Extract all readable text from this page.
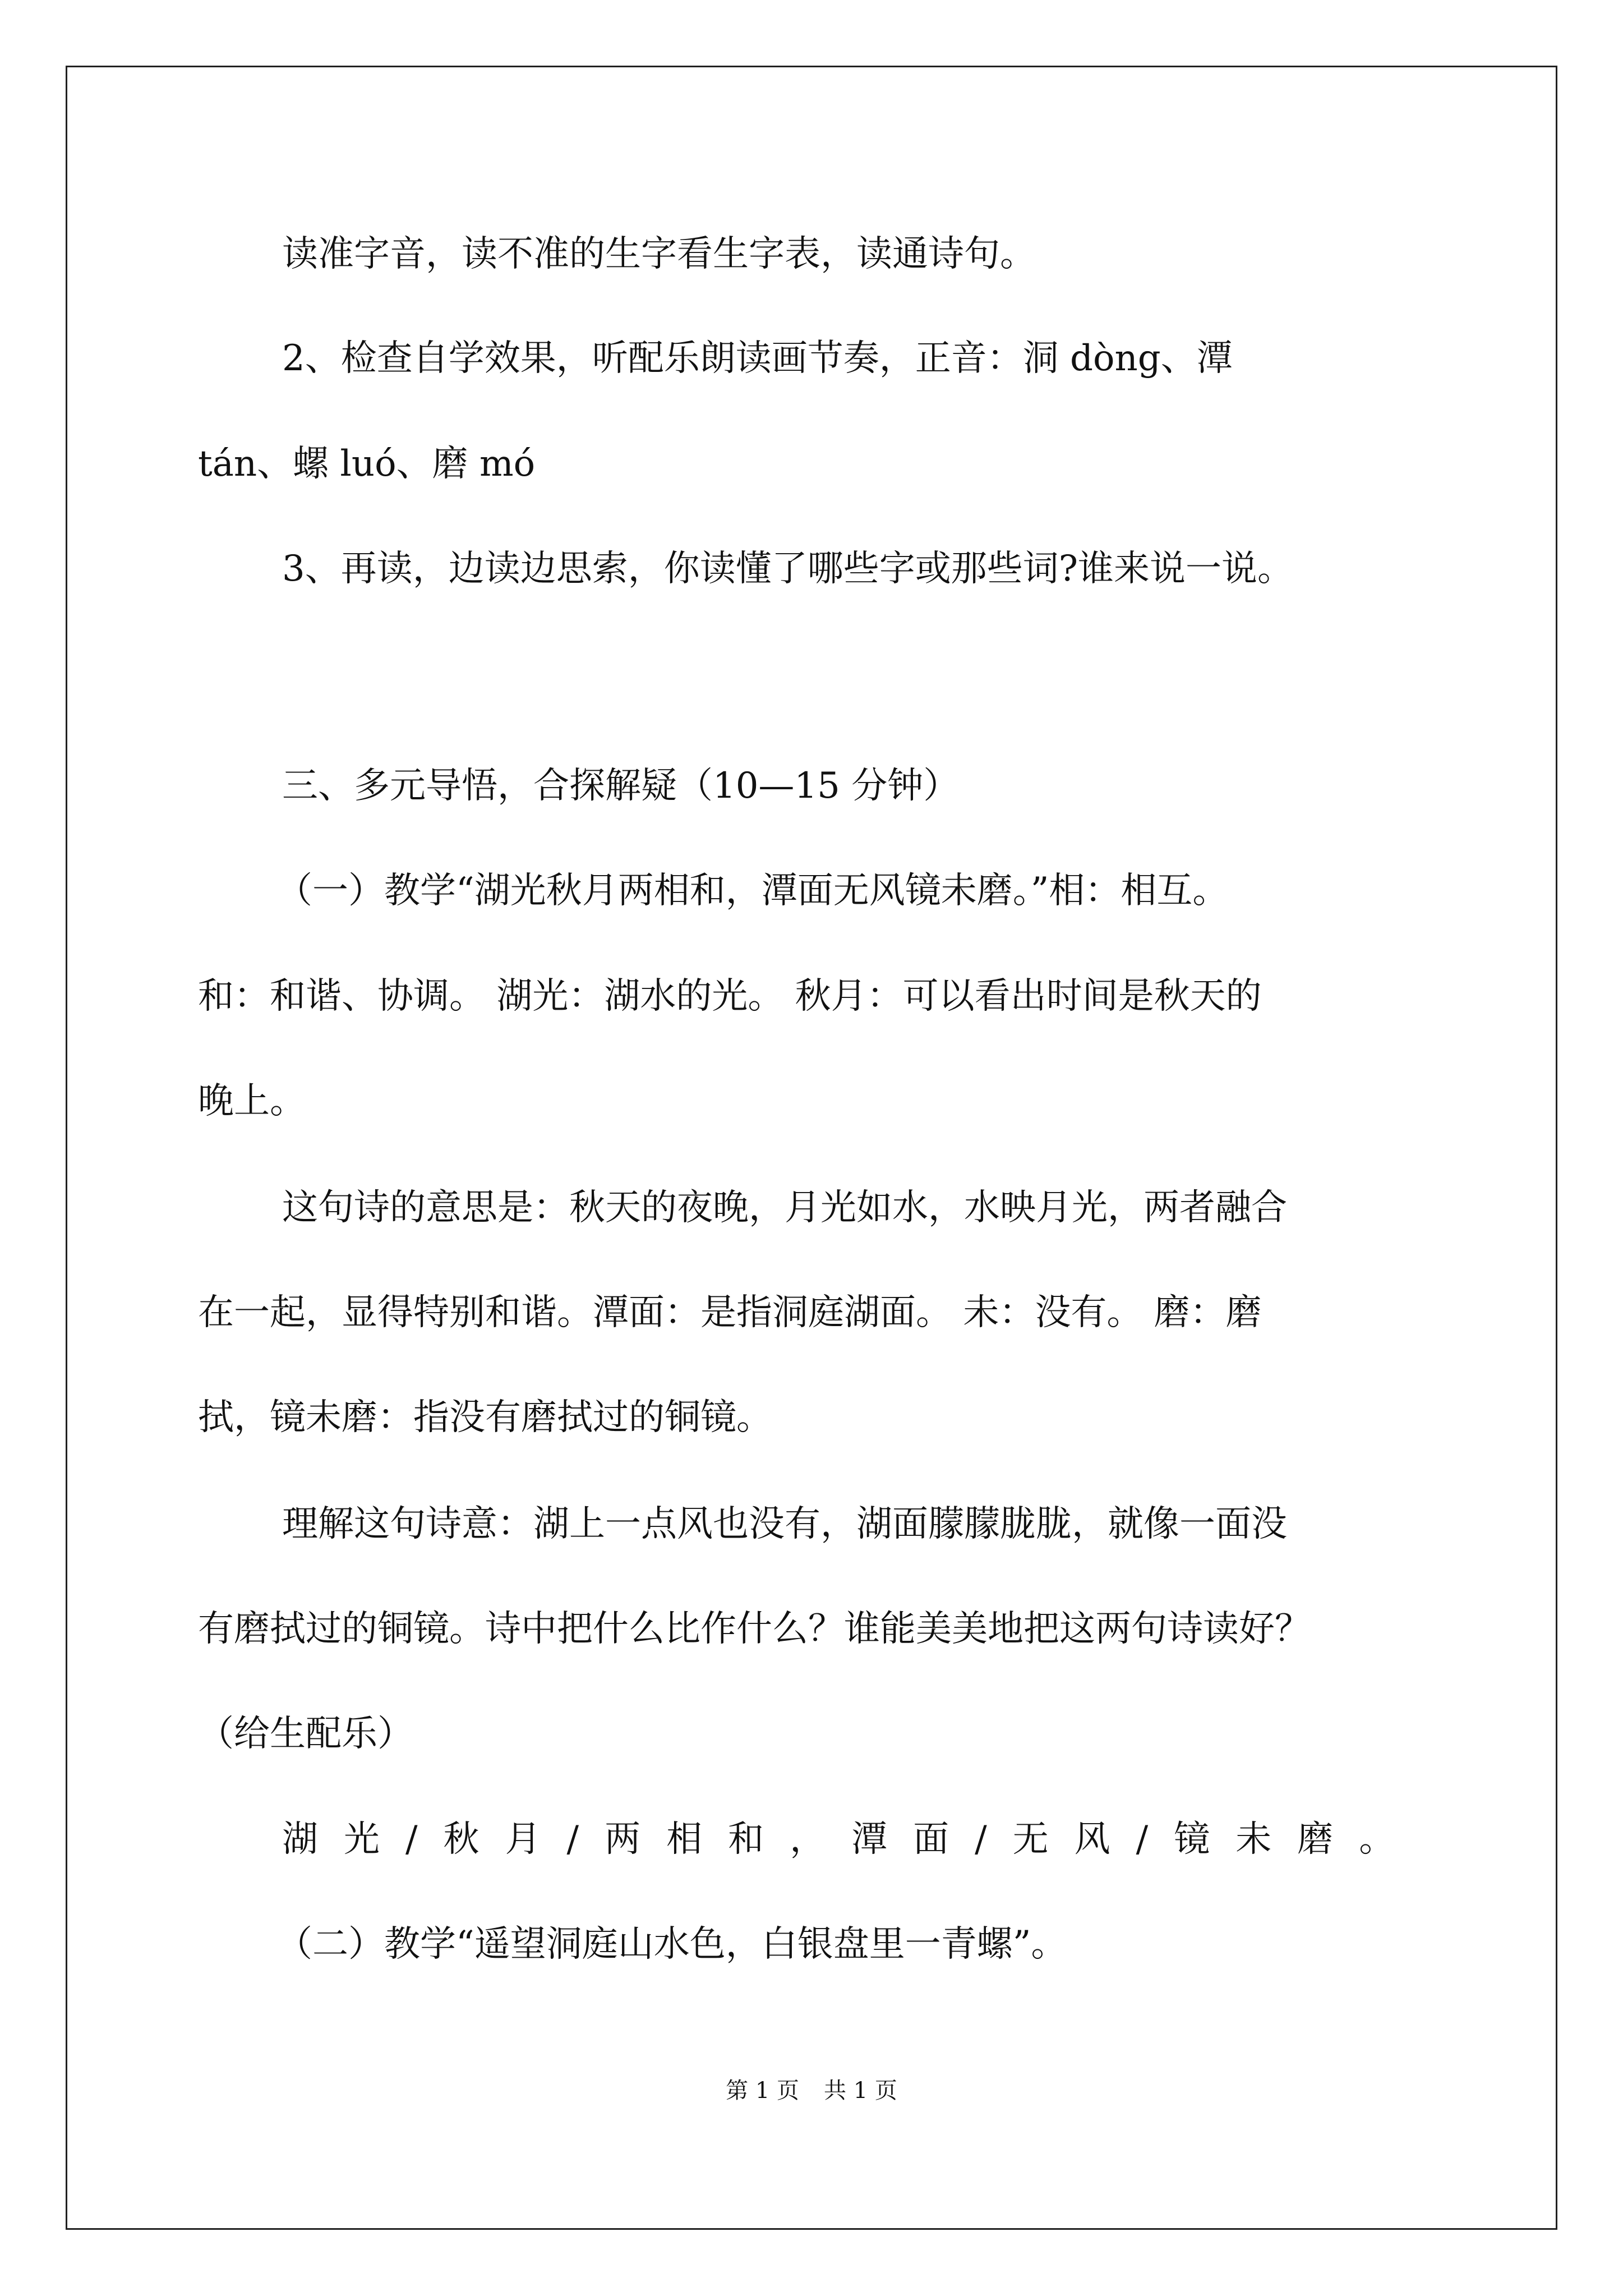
读准字音，读不准的生字看生字表，读通诗句。

2、检查自学效果，听配乐朗读画节奏，正音：洞 dòng、潭

tán、螺 luó、磨 mó

3、再读，边读边思索，你读懂了哪些字或那些词?谁来说一说。

三、多元导悟，合探解疑（10—15 分钟）

（一）教学“湖光秋月两相和，潭面无风镜未磨。”相：相互。

和：和谐、协调。 湖光：湖水的光。 秋月：可以看出时间是秋天的

晚上。

这句诗的意思是：秋天的夜晚，月光如水，水映月光，两者融合

在一起，显得特别和谐。潭面：是指洞庭湖面。 未：没有。 磨：磨

拭，镜未磨：指没有磨拭过的铜镜。

理解这句诗意：湖上一点风也没有，湖面朦朦胧胧，就像一面没

有磨拭过的铜镜。诗中把什么比作什么？谁能美美地把这两句诗读好？

（给生配乐）

湖光/秋月/两相和，潭面/无风/镜未磨。

（二）教学“遥望洞庭山水色，白银盘里一青螺”。

第 1 页 共 1 页
